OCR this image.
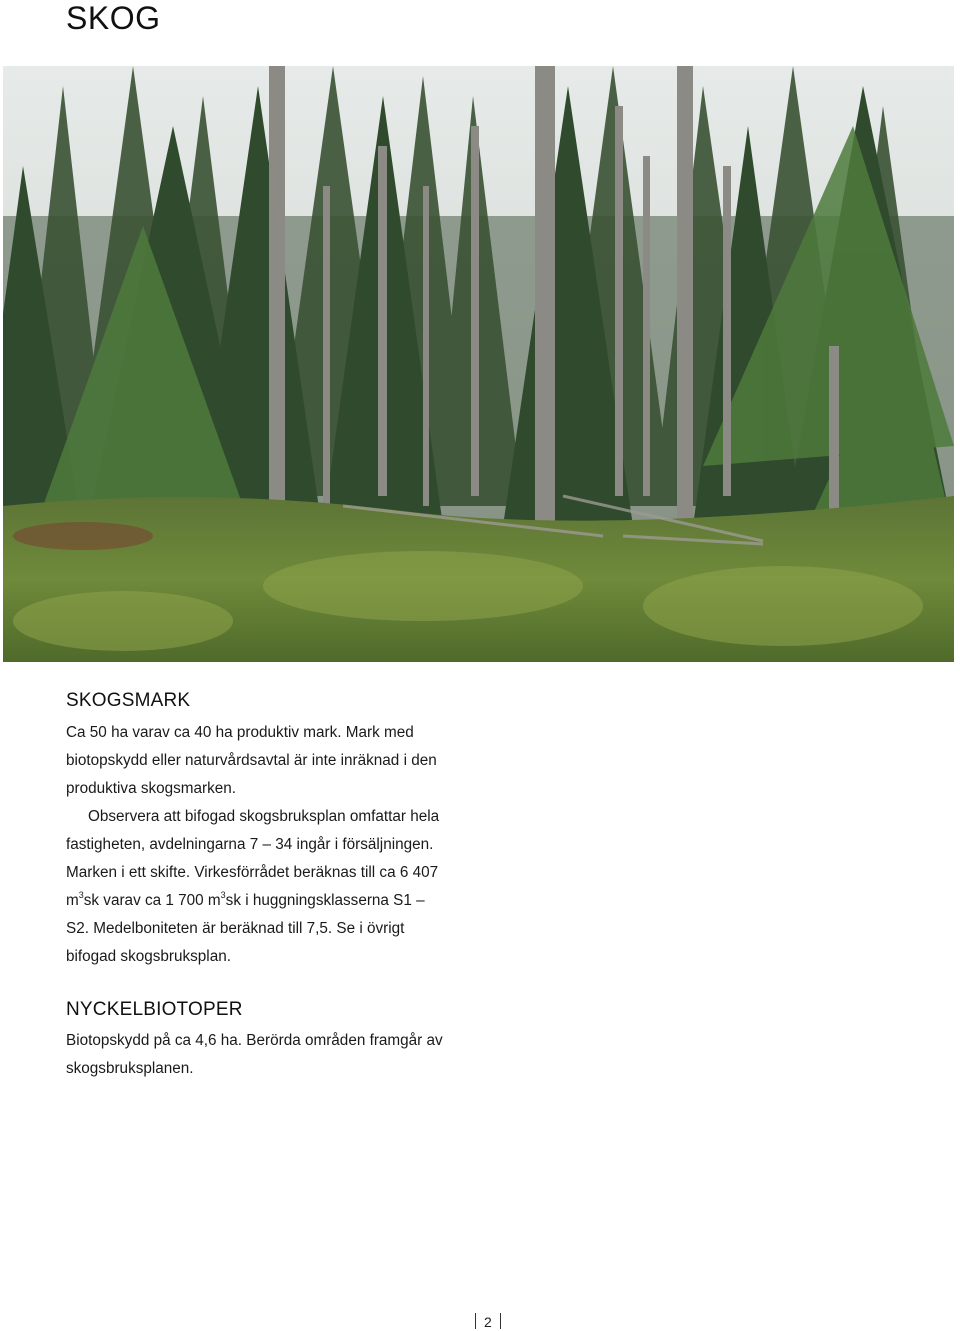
SKOG
SKOGSMARK

Ca 50 ha varav ca 40 ha produktiv mark. Mark med biotopskydd eller naturvårdsavtal är inte inräknad i den produktiva skogsmarken.

Observera att bifogad skogsbruksplan omfattar hela fastigheten, avdelningarna 7 – 34 ingår i försäljningen. Marken i ett skifte. Virkesförrådet beräknas till ca 6 407 $m^3sk$ varav ca 1 700 $m^3sk$ i huggningsklasserna S1 – S2. Medelboniteten är beräknad till 7,5. Se i övrigt bifogad skogsbruksplan.

NYCKELBIOTOPER

Biotopskydd på ca 4,6 ha. Berörda områden framgår av skogsbruksplanen.

2
